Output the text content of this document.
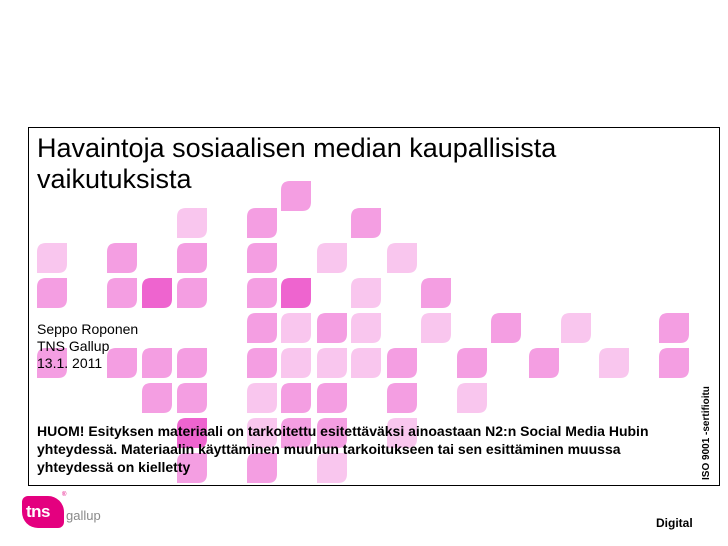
Havaintoja sosiaalisen median kaupallisista vaikutuksista
Seppo Roponen
TNS Gallup
13.1. 2011
HUOM! Esityksen materiaali on tarkoitettu esitettäväksi ainoastaan N2:n Social Media Hubin yhteydessä. Materiaalin käyttäminen muuhun tarkoitukseen tai sen esittäminen muussa yhteydessä on kielletty	ISO 9001 -sertifioitu
tns
®
gallup	Digital
